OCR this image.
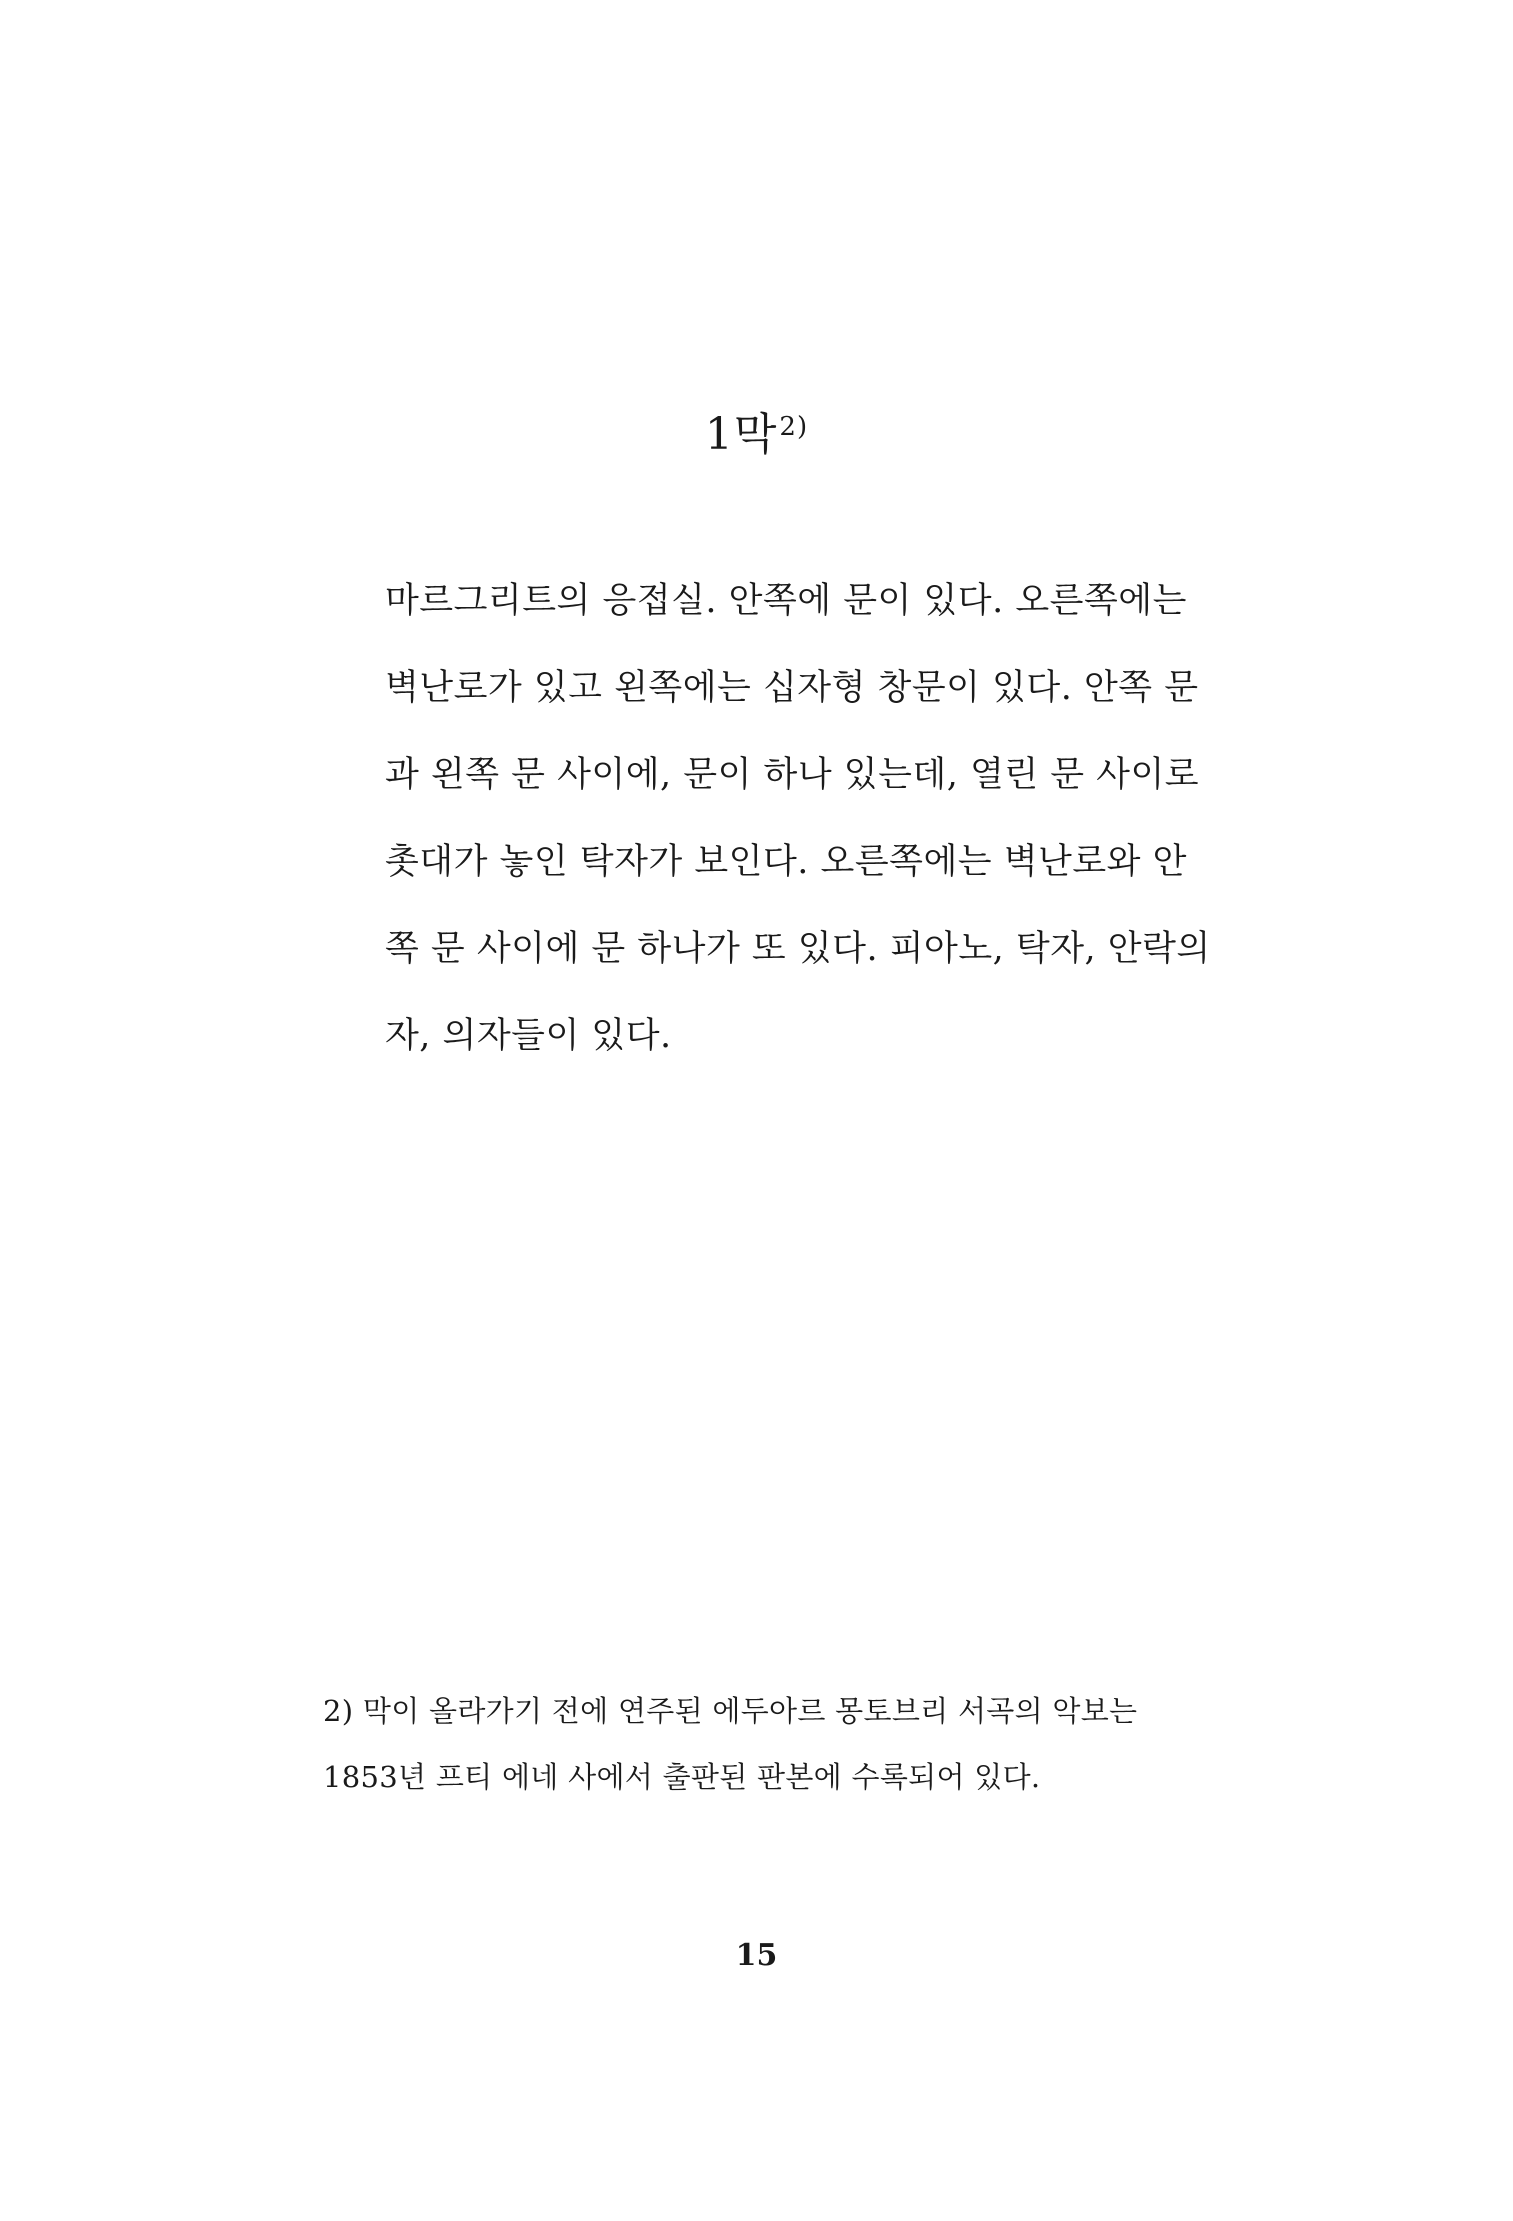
1막$^{2)}$
마르그리트의 응접실. 안쪽에 문이 있다. 오른쪽에는
벽난로가 있고 왼쪽에는 십자형 창문이 있다. 안쪽 문
과 왼쪽 문 사이에, 문이 하나 있는데, 열린 문 사이로
촛대가 놓인 탁자가 보인다. 오른쪽에는 벽난로와 안
쪽 문 사이에 문 하나가 또 있다. 피아노, 탁자, 안락의
자, 의자들이 있다.
2) 막이 올라가기 전에 연주된 에두아르 몽토브리 서곡의 악보는
1853년 프티 에네 사에서 출판된 판본에 수록되어 있다.
15
